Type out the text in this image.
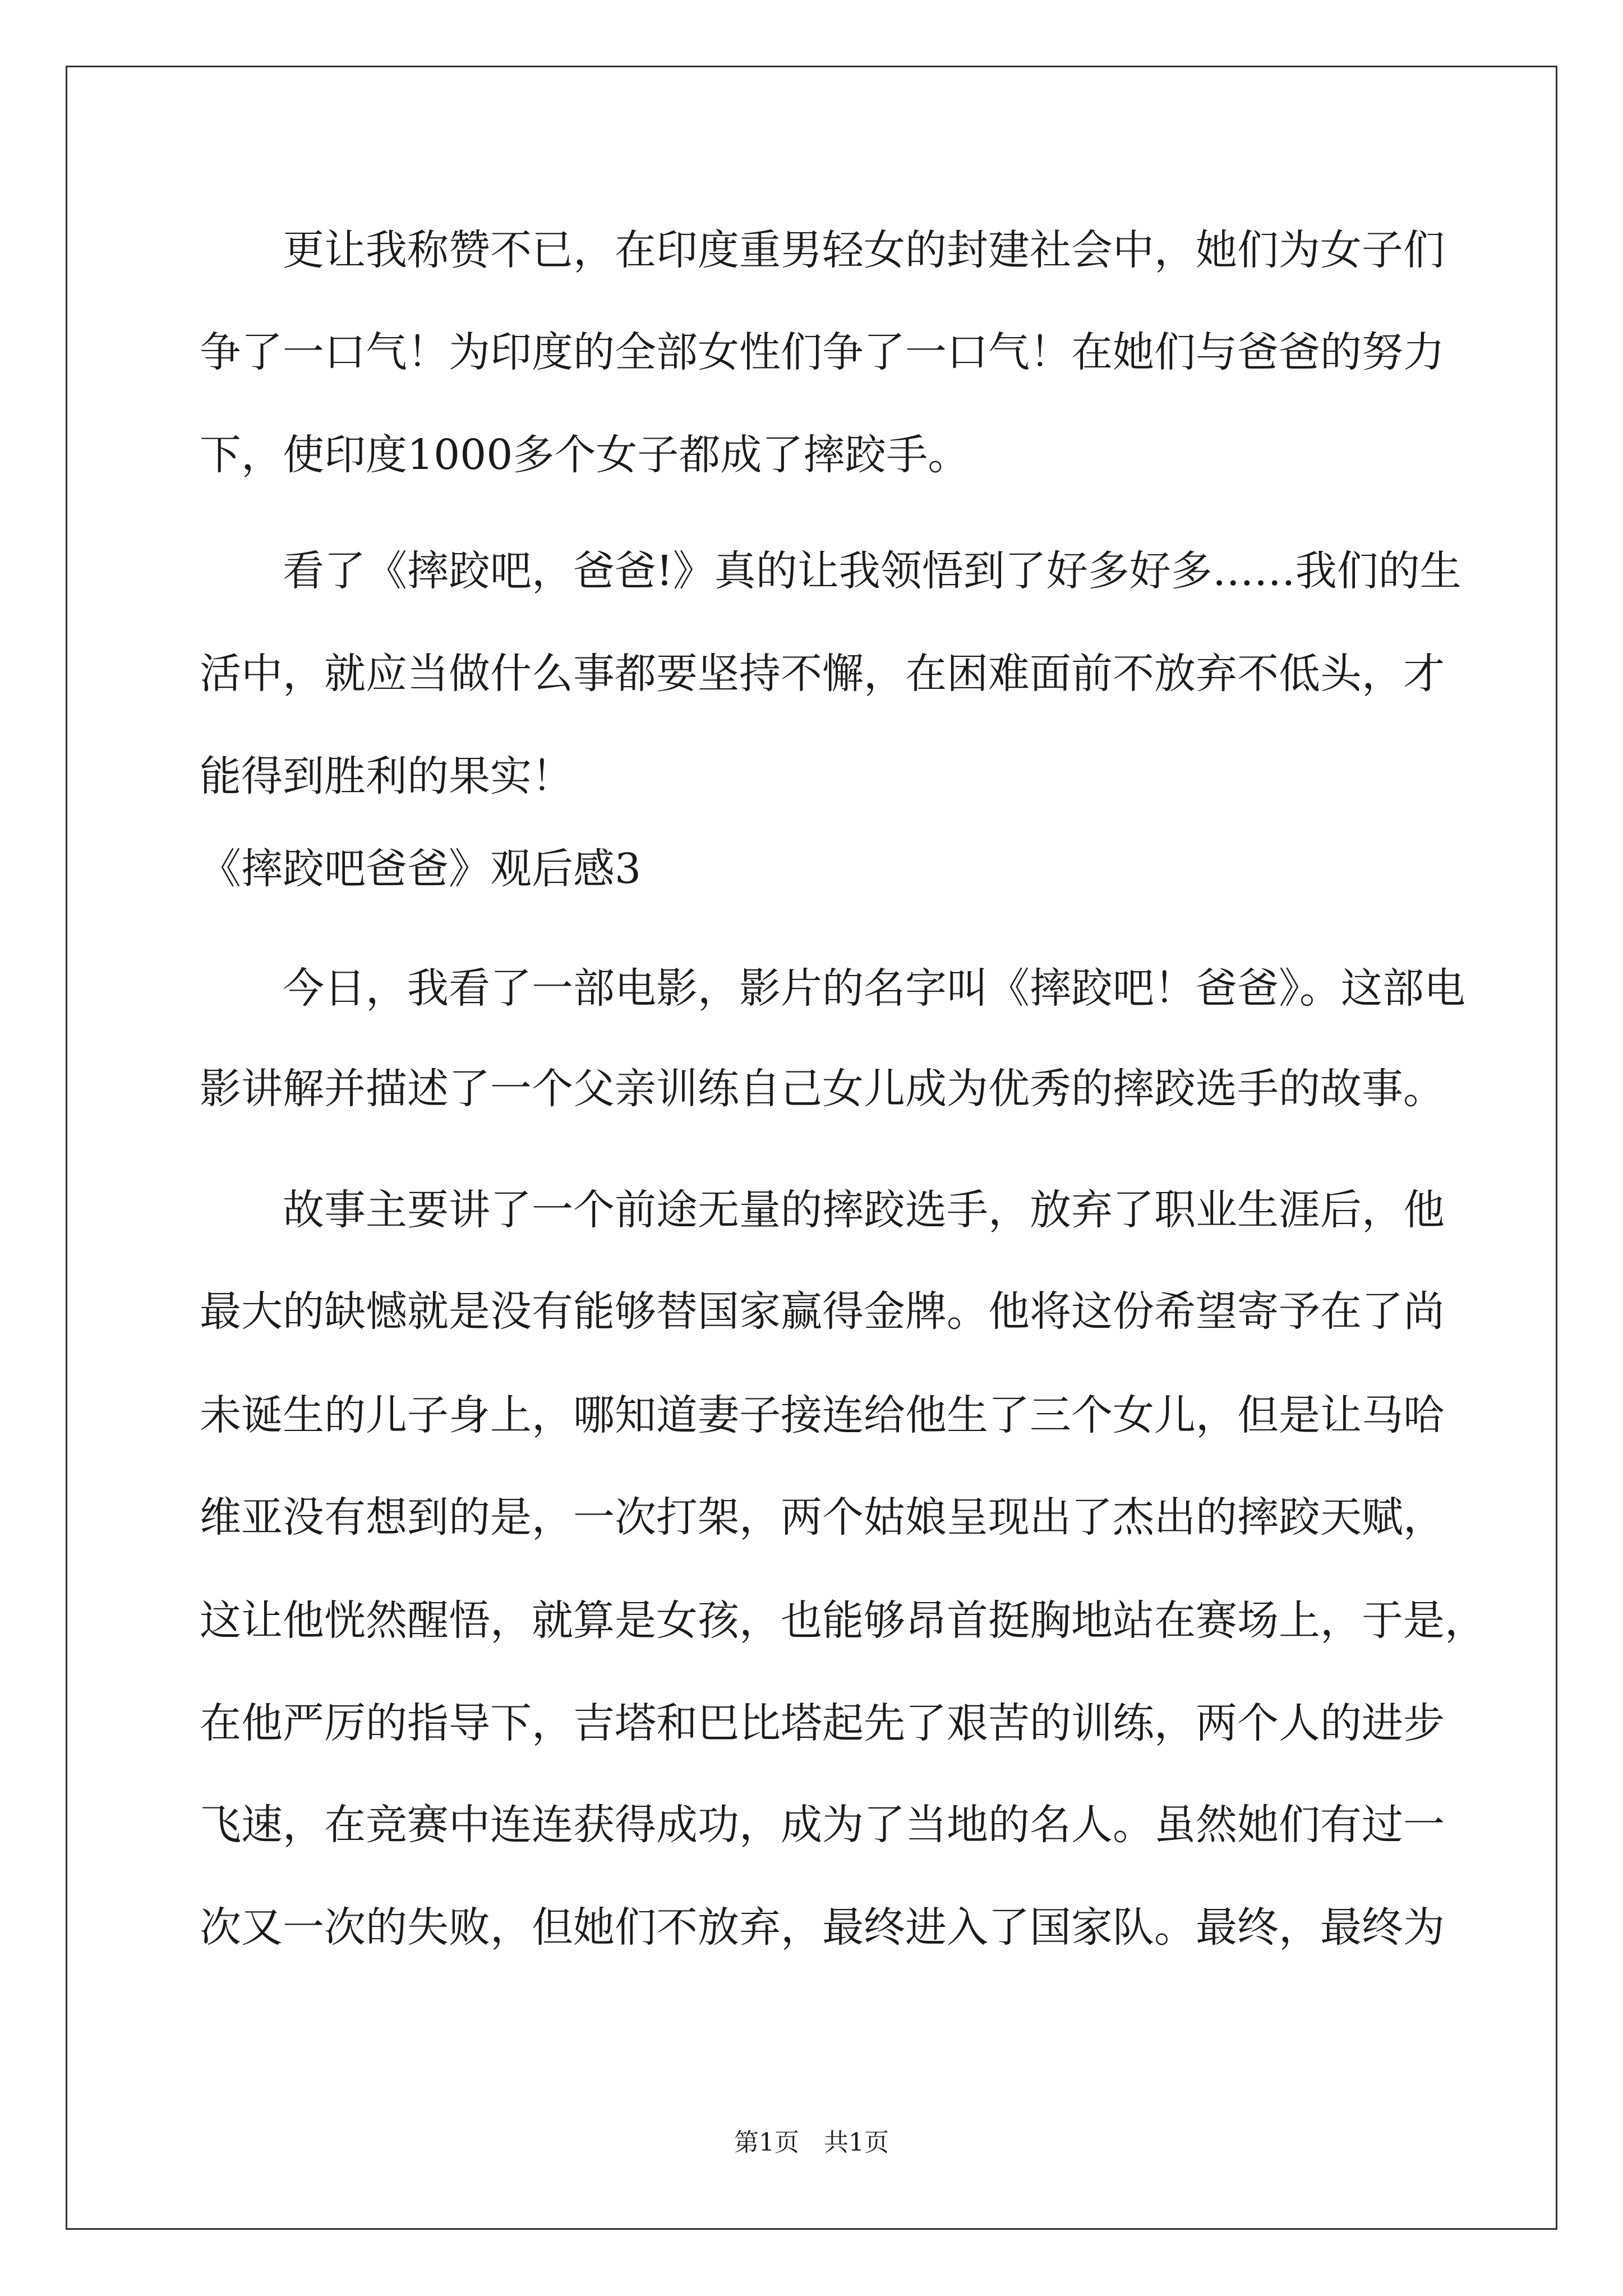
更让我称赞不已，在印度重男轻女的封建社会中，她们为女子们

争了一口气！为印度的全部女性们争了一口气！在她们与爸爸的努力

下，使印度1000多个女子都成了摔跤手。

看了《摔跤吧，爸爸!》真的让我领悟到了好多好多……我们的生

活中，就应当做什么事都要坚持不懈，在困难面前不放弃不低头，才

能得到胜利的果实！

《摔跤吧爸爸》观后感3

今日，我看了一部电影，影片的名字叫《摔跤吧！爸爸》。这部电

影讲解并描述了一个父亲训练自己女儿成为优秀的摔跤选手的故事。

故事主要讲了一个前途无量的摔跤选手，放弃了职业生涯后，他

最大的缺憾就是没有能够替国家赢得金牌。他将这份希望寄予在了尚

未诞生的儿子身上，哪知道妻子接连给他生了三个女儿，但是让马哈

维亚没有想到的是，一次打架，两个姑娘呈现出了杰出的摔跤天赋，

这让他恍然醒悟，就算是女孩，也能够昂首挺胸地站在赛场上，于是，

在他严厉的指导下，吉塔和巴比塔起先了艰苦的训练，两个人的进步

飞速，在竞赛中连连获得成功，成为了当地的名人。虽然她们有过一

次又一次的失败，但她们不放弃，最终进入了国家队。最终，最终为

第1页　共1页
